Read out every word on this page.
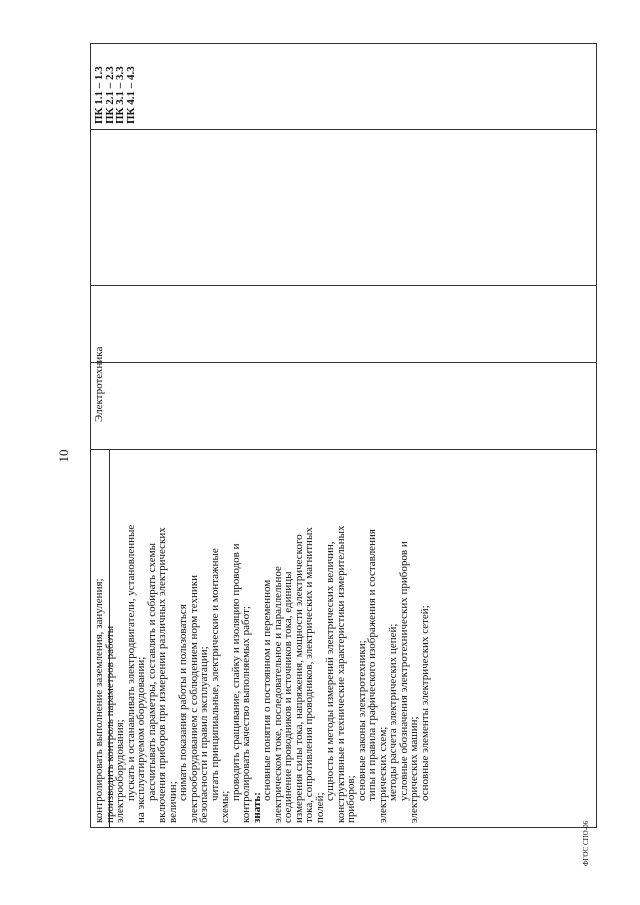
10
ПК 1.1 – 1.3
ПК 2.1 – 2.3
ПК 3.1 – 3.3
ПК 4.1 – 4.3
Электротехника
контролировать выполнение заземления, зануления;
производить контроль параметров работы
электрооборудования;
пускать и останавливать электродвигатели, установленные
на эксплуатируемом оборудовании;
рассчитывать параметры, составлять и собирать схемы
включения приборов при измерении различных электрических
величин;
снимать показания работы и пользоваться
электрооборудованием с соблюдением норм техники
безопасности и правил эксплуатации;
читать принципиальные, электрические и монтажные
схемы;
проводить сращивание, спайку и изоляцию проводов и
контролировать качество выполняемых работ;
знать:
основные понятия о постоянном и переменном
электрическом токе, последовательное и параллельное
соединение проводников и источников тока, единицы
измерения силы тока, напряжения, мощности электрического
тока, сопротивления проводников, электрических и магнитных
полей;
сущность и методы измерений электрических величин,
конструктивные и технические характеристики измерительных
приборов;
основные законы электротехники;
типы и правила графического изображения и составления
электрических схем;
методы расчета электрических цепей;
условные обозначения электротехнических приборов и
электрических машин;
основные элементы электрических сетей;
ФГОС СПО-06
